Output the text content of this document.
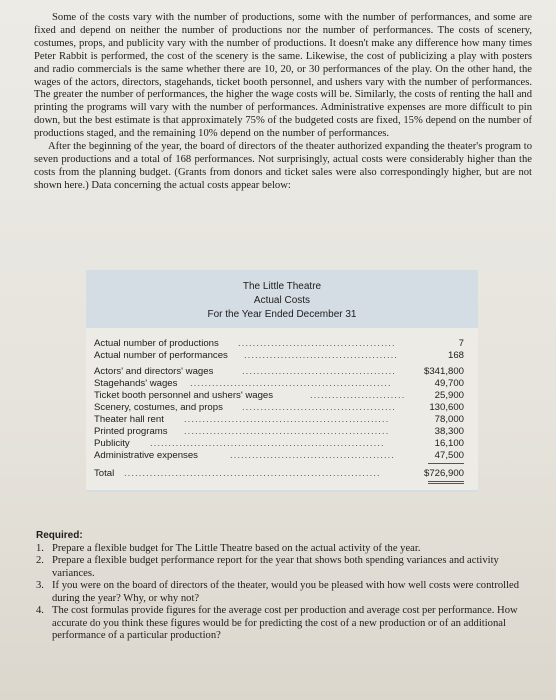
Some of the costs vary with the number of productions, some with the number of performances, and some are fixed and depend on neither the number of productions nor the number of performances. The costs of scenery, costumes, props, and publicity vary with the number of productions. It doesn't make any difference how many times Peter Rabbit is performed, the cost of the scenery is the same. Likewise, the cost of publicizing a play with posters and radio commercials is the same whether there are 10, 20, or 30 performances of the play. On the other hand, the wages of the actors, directors, stagehands, ticket booth personnel, and ushers vary with the number of performances. The greater the number of performances, the higher the wage costs will be. Similarly, the costs of renting the hall and printing the programs will vary with the number of performances. Administrative expenses are more difficult to pin down, but the best estimate is that approximately 75% of the budgeted costs are fixed, 15% depend on the number of productions staged, and the remaining 10% depend on the number of performances.

After the beginning of the year, the board of directors of the theater authorized expanding the theater's program to seven productions and a total of 168 performances. Not surprisingly, actual costs were considerably higher than the costs from the planning budget. (Grants from donors and ticket sales were also correspondingly higher, but are not shown here.) Data concerning the actual costs appear below:

The Little Theatre
Actual Costs
For the Year Ended December 31
Actual number of productions ...........................................	7
Actual number of performances ..........................................	168
Actors' and directors' wages	..........................................	$341,800
Stagehands' wages .......................................................	49,700
Ticket booth personnel and ushers' wages	..........................	25,900
Scenery, costumes, and props ..........................................	130,600
Theater hall rent ........................................................	78,000
Printed programs ........................................................	38,300
Publicity ................................................................	16,100
Administrative expenses	.............................................	47,500
Total ......................................................................	$726,900
Required:
1. Prepare a flexible budget for The Little Theatre based on the actual activity of the year.
2. Prepare a flexible budget performance report for the year that shows both spending variances and activity variances.
3. If you were on the board of directors of the theater, would you be pleased with how well costs were controlled during the year? Why, or why not?
4. The cost formulas provide figures for the average cost per production and average cost per performance. How accurate do you think these figures would be for predicting the cost of a new production or of an additional performance of a particular production?
